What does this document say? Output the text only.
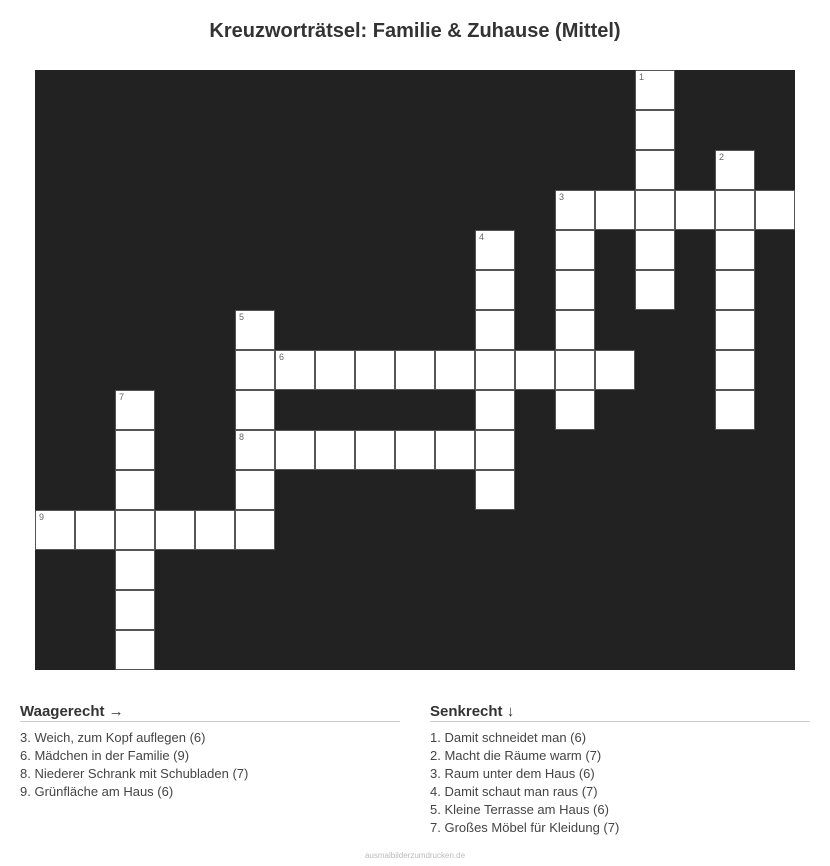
Kreuzworträtsel: Familie & Zuhause (Mittel)
1
2
3
4
5
6
7
8
9
Waagerecht →
3. Weich, zum Kopf auflegen (6)
6. Mädchen in der Familie (9)
8. Niederer Schrank mit Schubladen (7)
9. Grünfläche am Haus (6)
Senkrecht ↓
1. Damit schneidet man (6)
2. Macht die Räume warm (7)
3. Raum unter dem Haus (6)
4. Damit schaut man raus (7)
5. Kleine Terrasse am Haus (6)
7. Großes Möbel für Kleidung (7)
ausmalbilderzumdrucken.de
